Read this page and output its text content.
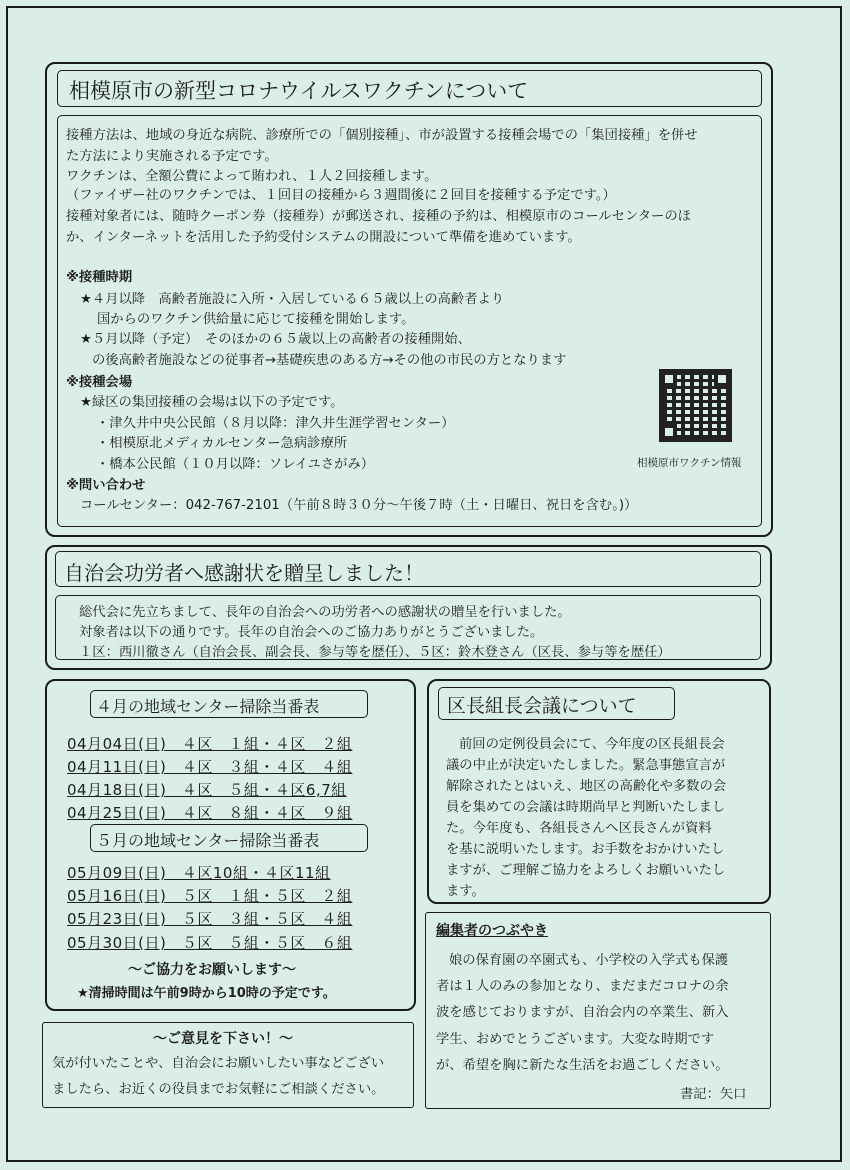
相模原市の新型コロナウイルスワクチンについて
接種方法は、地域の身近な病院、診療所での「個別接種」、市が設置する接種会場での「集団接種」を併せ
た方法により実施される予定です。
ワクチンは、全額公費によって賄われ、１人２回接種します。
（ファイザー社のワクチンでは、１回目の接種から３週間後に２回目を接種する予定です。）
接種対象者には、随時クーポン券（接種券）が郵送され、接種の予約は、相模原市のコールセンターのほ
か、インターネットを活用した予約受付システムの開設について準備を進めています。
※接種時期
★４月以降　高齢者施設に入所・入居している６５歳以上の高齢者より
国からのワクチン供給量に応じて接種を開始します。
★５月以降（予定）　そのほかの６５歳以上の高齢者の接種開始、
の後高齢者施設などの従事者→基礎疾患のある方→その他の市民の方となります
※接種会場
★緑区の集団接種の会場は以下の予定です。
・津久井中央公民館（８月以降：津久井生涯学習センター）
・相模原北メディカルセンター急病診療所
・橋本公民館（１０月以降：ソレイユさがみ）
※問い合わせ
コールセンター：042-767-2101（午前８時３０分～午後７時（土・日曜日、祝日を含む。)）
相模原市ワクチン情報
自治会功労者へ感謝状を贈呈しました！
総代会に先立ちまして、長年の自治会への功労者への感謝状の贈呈を行いました。
対象者は以下の通りです。長年の自治会へのご協力ありがとうございました。
１区：西川徹さん（自治会長、副会長、参与等を歴任）、５区：鈴木登さん（区長、参与等を歴任）
４月の地域センター掃除当番表
04月04日(日)　４区　１組・４区　２組
04月11日(日)　４区　３組・４区　４組
04月18日(日)　４区　５組・４区6,7組
04月25日(日)　４区　８組・４区　９組
５月の地域センター掃除当番表
05月09日(日)　４区10組・４区11組
05月16日(日)　５区　１組・５区　２組
05月23日(日)　５区　３組・５区　４組
05月30日(日)　５区　５組・５区　６組
～ご協力をお願いします～
★清掃時間は午前9時から10時の予定です。
～ご意見を下さい！～
気が付いたことや、自治会にお願いしたい事などござい
ましたら、お近くの役員までお気軽にご相談ください。
区長組長会議について
前回の定例役員会にて、今年度の区長組長会
議の中止が決定いたしました。緊急事態宣言が
解除されたとはいえ、地区の高齢化や多数の会
員を集めての会議は時期尚早と判断いたしまし
た。今年度も、各組長さんへ区長さんが資料
を基に説明いたします。お手数をおかけいたし
ますが、ご理解ご協力をよろしくお願いいたし
ます。
編集者のつぶやき
娘の保育園の卒園式も、小学校の入学式も保護
者は１人のみの参加となり、まだまだコロナの余
波を感じておりますが、自治会内の卒業生、新入
学生、おめでとうございます。大変な時期です
が、希望を胸に新たな生活をお過ごしください。
書記：矢口
